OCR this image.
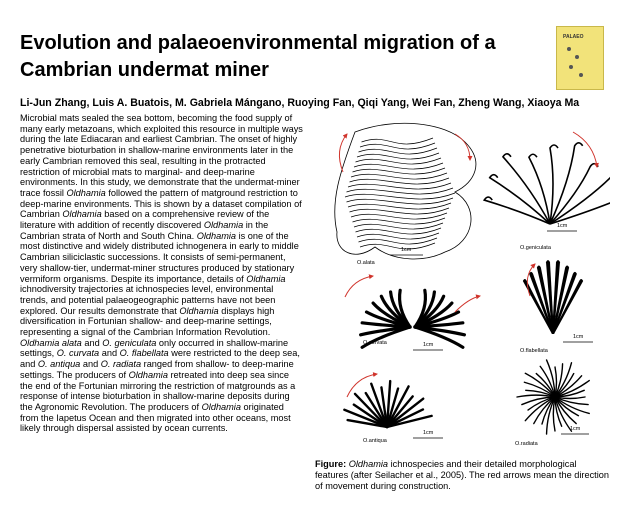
Evolution and palaeoenvironmental migration of a Cambrian undermat miner
PALAEO
Li-Jun Zhang, Luis A. Buatois, M. Gabriela Mángano, Ruoying Fan, Qiqi Yang, Wei Fan, Zheng Wang, Xiaoya Ma

Microbial mats sealed the sea bottom, becoming the food supply of many early metazoans, which exploited this resource in multiple ways during the late Ediacaran and earliest Cambrian. The onset of highly penetrative bioturbation in shallow-marine environments later in the early Cambrian removed this seal, resulting in the protracted restriction of microbial mats to marginal- and deep-marine environments. In this study, we demonstrate that the undermat-miner trace fossil Oldhamia followed the pattern of matground restriction to deep-marine environments. This is shown by a dataset compilation of Cambrian Oldhamia based on a comprehensive review of the literature with addition of recently discovered Oldhamia in the Cambrian strata of North and South China. Oldhamia is one of the most distinctive and widely distributed ichnogenera in early to middle Cambrian siliciclastic successions. It consists of semi-permanent, very shallow-tier, undermat-miner structures produced by stationary vermiform organisms. Despite its importance, details of Oldhamia ichnodiversity trajectories at ichnospecies level, environmental trends, and potential palaeogeographic patterns have not been explored. Our results demonstrate that Oldhamia displays high diversification in Fortunian shallow- and deep-marine settings, representing a signal of the Cambrian Information Revolution. Oldhamia alata and O. geniculata only occurred in shallow-marine settings, O. curvata and O. flabellata were restricted to the deep sea, and O. antiqua and O. radiata ranged from shallow- to deep-marine settings. The producers of Oldhamia retreated into deep sea since the end of the Fortunian mirroring the restriction of matgrounds as a response of intense bioturbation in shallow-marine deposits during the Agronomic Revolution. The producers of Oldhamia originated from the Iapetus Ocean and then migrated into other oceans, most likely through dispersal assisted by ocean currents.

1cm
O.alata
1cm
O.geniculata
1cm
O.curvata
1cm
O.flabellata
1cm
O.antiqua
1cm
O.radiata

Figure: Oldhamia ichnospecies and their detailed morphological features (after Seilacher et al., 2005). The red arrows mean the direction of movement during construction.
